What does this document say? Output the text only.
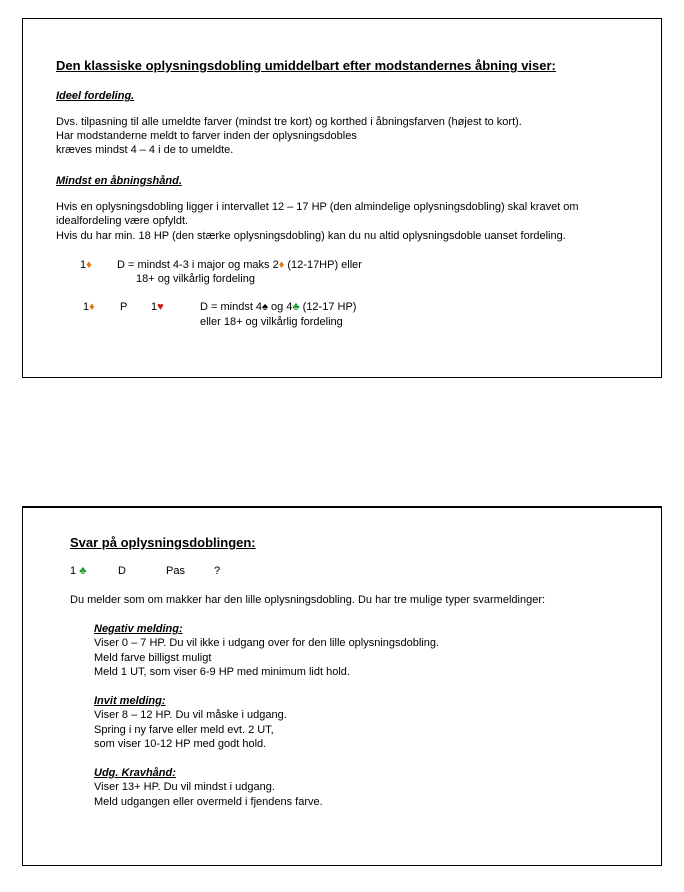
Den klassiske oplysningsdobling umiddelbart efter modstandernes åbning viser:
Ideel fordeling.
Dvs. tilpasning til alle umeldte farver (mindst tre kort) og korthed i åbningsfarven (højest to kort).
Har modstanderne meldt to farver inden der oplysningsdobles
kræves mindst 4 – 4 i de to umeldte.
Mindst en åbningshånd.
Hvis en oplysningsdobling ligger i intervallet 12 – 17 HP (den almindelige oplysningsdobling) skal kravet om
idealfordeling være opfyldt.
Hvis du har min. 18 HP (den stærke oplysningsdobling) kan du nu altid oplysningsdoble uanset fordeling.
1♦ D = mindst 4-3 i major og maks 2♦ (12-17HP) eller
18+ og vilkårlig fordeling
1♦ P 1♥	D = mindst 4♠ og 4♣ (12-17 HP)
eller 18+ og vilkårlig fordeling
Svar på oplysningsdoblingen:
1 ♣	D	Pas	?
Du melder som om makker har den lille oplysningsdobling. Du har tre mulige typer svarmeldinger:
Negativ melding:
Viser 0 – 7 HP. Du vil ikke i udgang over for den lille oplysningsdobling.
Meld farve billigst muligt
Meld 1 UT, som viser 6-9 HP med minimum lidt hold.
Invit melding:
Viser 8 – 12 HP. Du vil måske i udgang.
Spring i ny farve eller meld evt. 2 UT,
som viser 10-12 HP med godt hold.
Udg. Kravhånd:
Viser 13+ HP. Du vil mindst i udgang.
Meld udgangen eller overmeld i fjendens farve.
